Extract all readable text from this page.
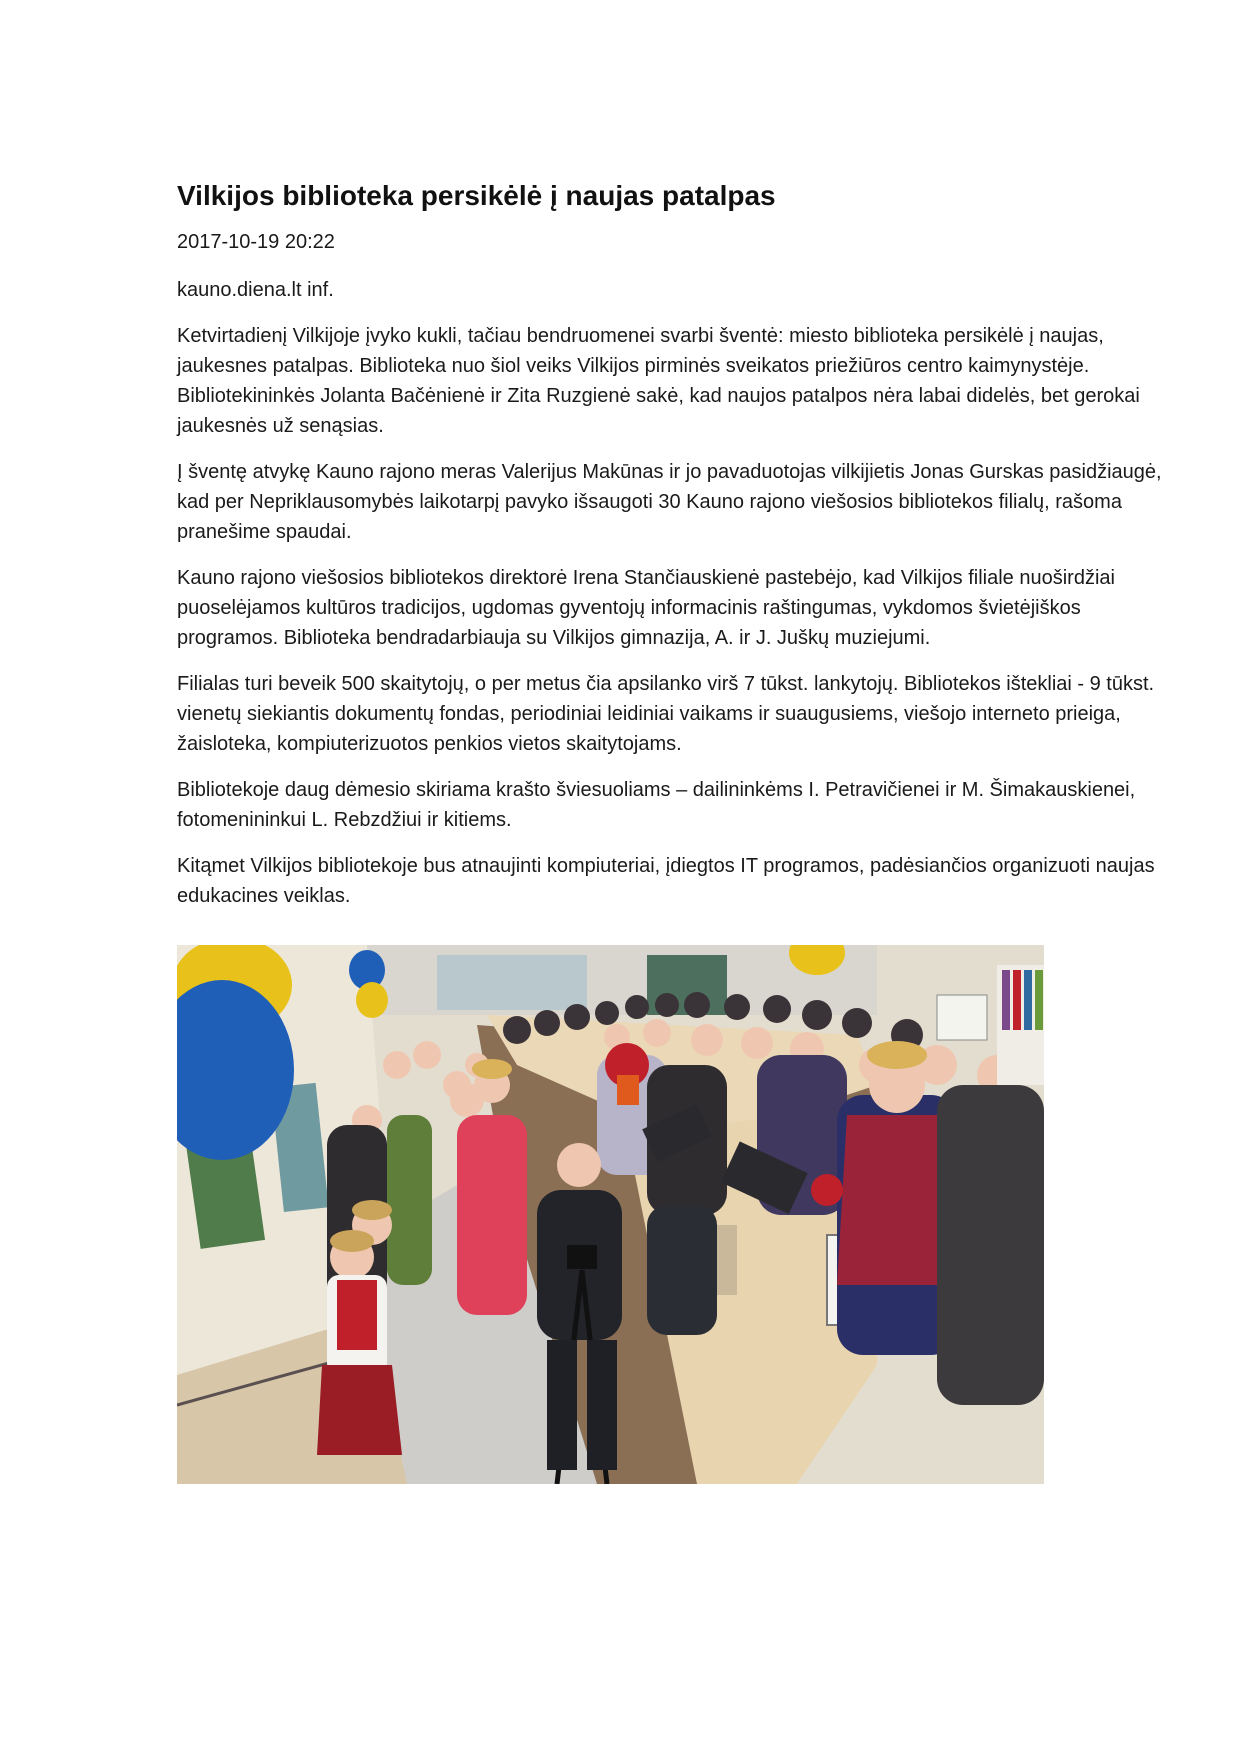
Vilkijos biblioteka persikėlė į naujas patalpas

2017-10-19 20:22

kauno.diena.lt inf.

Ketvirtadienį Vilkijoje įvyko kukli, tačiau bendruomenei svarbi šventė: miesto biblioteka persikėlė į naujas, jaukesnes patalpas. Biblioteka nuo šiol veiks Vilkijos pirminės sveikatos priežiūros centro kaimynystėje. Bibliotekininkės Jolanta Bačėnienė ir Zita Ruzgienė sakė, kad naujos patalpos nėra labai didelės, bet gerokai jaukesnės už senąsias.

Į šventę atvykę Kauno rajono meras Valerijus Makūnas ir jo pavaduotojas vilkijietis Jonas Gurskas pasidžiaugė, kad per Nepriklausomybės laikotarpį pavyko išsaugoti 30 Kauno rajono viešosios bibliotekos filialų, rašoma pranešime spaudai.

Kauno rajono viešosios bibliotekos direktorė Irena Stančiauskienė pastebėjo, kad Vilkijos filiale nuoširdžiai puoselėjamos kultūros tradicijos, ugdomas gyventojų informacinis raštingumas, vykdomos švietėjiškos programos. Biblioteka bendradarbiauja su Vilkijos gimnazija, A. ir J. Juškų muziejumi.

Filialas turi beveik 500 skaitytojų, o per metus čia apsilanko virš 7 tūkst. lankytojų. Bibliotekos ištekliai - 9 tūkst. vienetų siekiantis dokumentų fondas, periodiniai leidiniai vaikams ir suaugusiems, viešojo interneto prieiga, žaisloteka, kompiuterizuotos penkios vietos skaitytojams.

Bibliotekoje daug dėmesio skiriama krašto šviesuoliams – dailininkėms I. Petravičienei ir M. Šimakauskienei, fotomenininkui L. Rebzdžiui ir kitiems.

Kitąmet Vilkijos bibliotekoje bus atnaujinti kompiuteriai, įdiegtos IT programos, padėsiančios organizuoti naujas edukacines veiklas.
